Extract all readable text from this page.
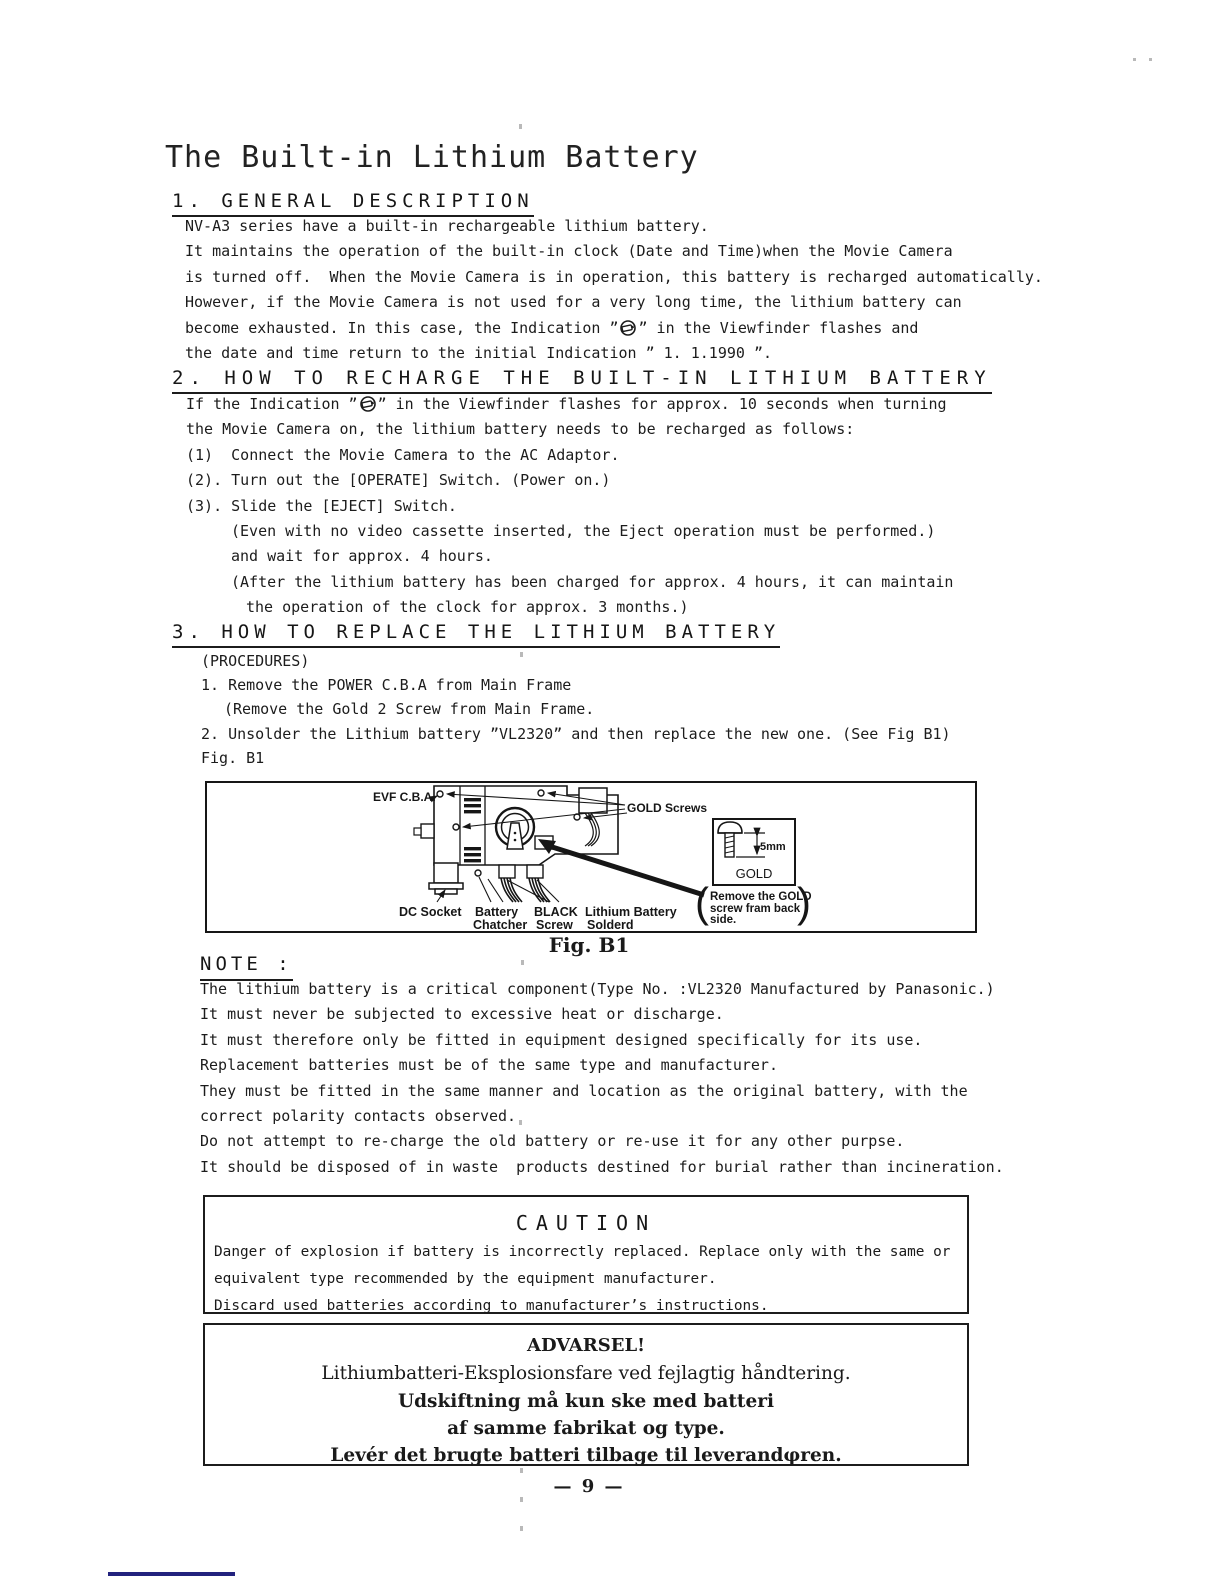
The Built-in Lithium Battery
1. GENERAL DESCRIPTION
NV-A3 series have a built-in rechargeable lithium battery.
It maintains the operation of the built-in clock (Date and Time)when the Movie Camera
is turned off.  When the Movie Camera is in operation, this battery is recharged automatically.
However, if the Movie Camera is not used for a very long time, the lithium battery can
become exhausted. In this case, the Indication ” ” in the Viewfinder flashes and
the date and time return to the initial Indication ” 1. 1.1990 ”.
2. HOW TO RECHARGE THE BUILT-IN LITHIUM BATTERY
If the Indication ” ” in the Viewfinder flashes for approx. 10 seconds when turning
the Movie Camera on, the lithium battery needs to be recharged as follows:
(1)  Connect the Movie Camera to the AC Adaptor.
(2). Turn out the [OPERATE] Switch. (Power on.)
(3). Slide the [EJECT] Switch.
(Even with no video cassette inserted, the Eject operation must be performed.)
and wait for approx. 4 hours.
(After the lithium battery has been charged for approx. 4 hours, it can maintain
the operation of the clock for approx. 3 months.)
3. HOW TO REPLACE THE LITHIUM BATTERY
(PROCEDURES)
1. Remove the POWER C.B.A from Main Frame
(Remove the Gold 2 Screw from Main Frame.
2. Unsolder the Lithium battery ”VL2320” and then replace the new one. (See Fig B1)
Fig. B1
EVF C.B.A.
GOLD Screws
5mm
GOLD
Remove the GOLD
screw fram back
side.
( )
DC Socket Battery
Chatcher
BLACK
Screw
Lithium Battery
Solderd
Fig. B1
NOTE :
The lithium battery is a critical component(Type No. :VL2320 Manufactured by Panasonic.)
It must never be subjected to excessive heat or discharge.
It must therefore only be fitted in equipment designed specifically for its use.
Replacement batteries must be of the same type and manufacturer.
They must be fitted in the same manner and location as the original battery, with the
correct polarity contacts observed.
Do not attempt to re-charge the old battery or re-use it for any other purpse.
It should be disposed of in waste  products destined for burial rather than incineration.
CAUTION
Danger of explosion if battery is incorrectly replaced. Replace only with the same or
equivalent type recommended by the equipment manufacturer.
Discard used batteries according to manufacturer’s instructions.
ADVARSEL!
Lithiumbatteri-Eksplosionsfare ved fejlagtig håndtering.
Udskiftning må kun ske med batteri
af samme fabrikat og type.
Levér det brugte batteri tilbage til leverandφren.
— 9 —
